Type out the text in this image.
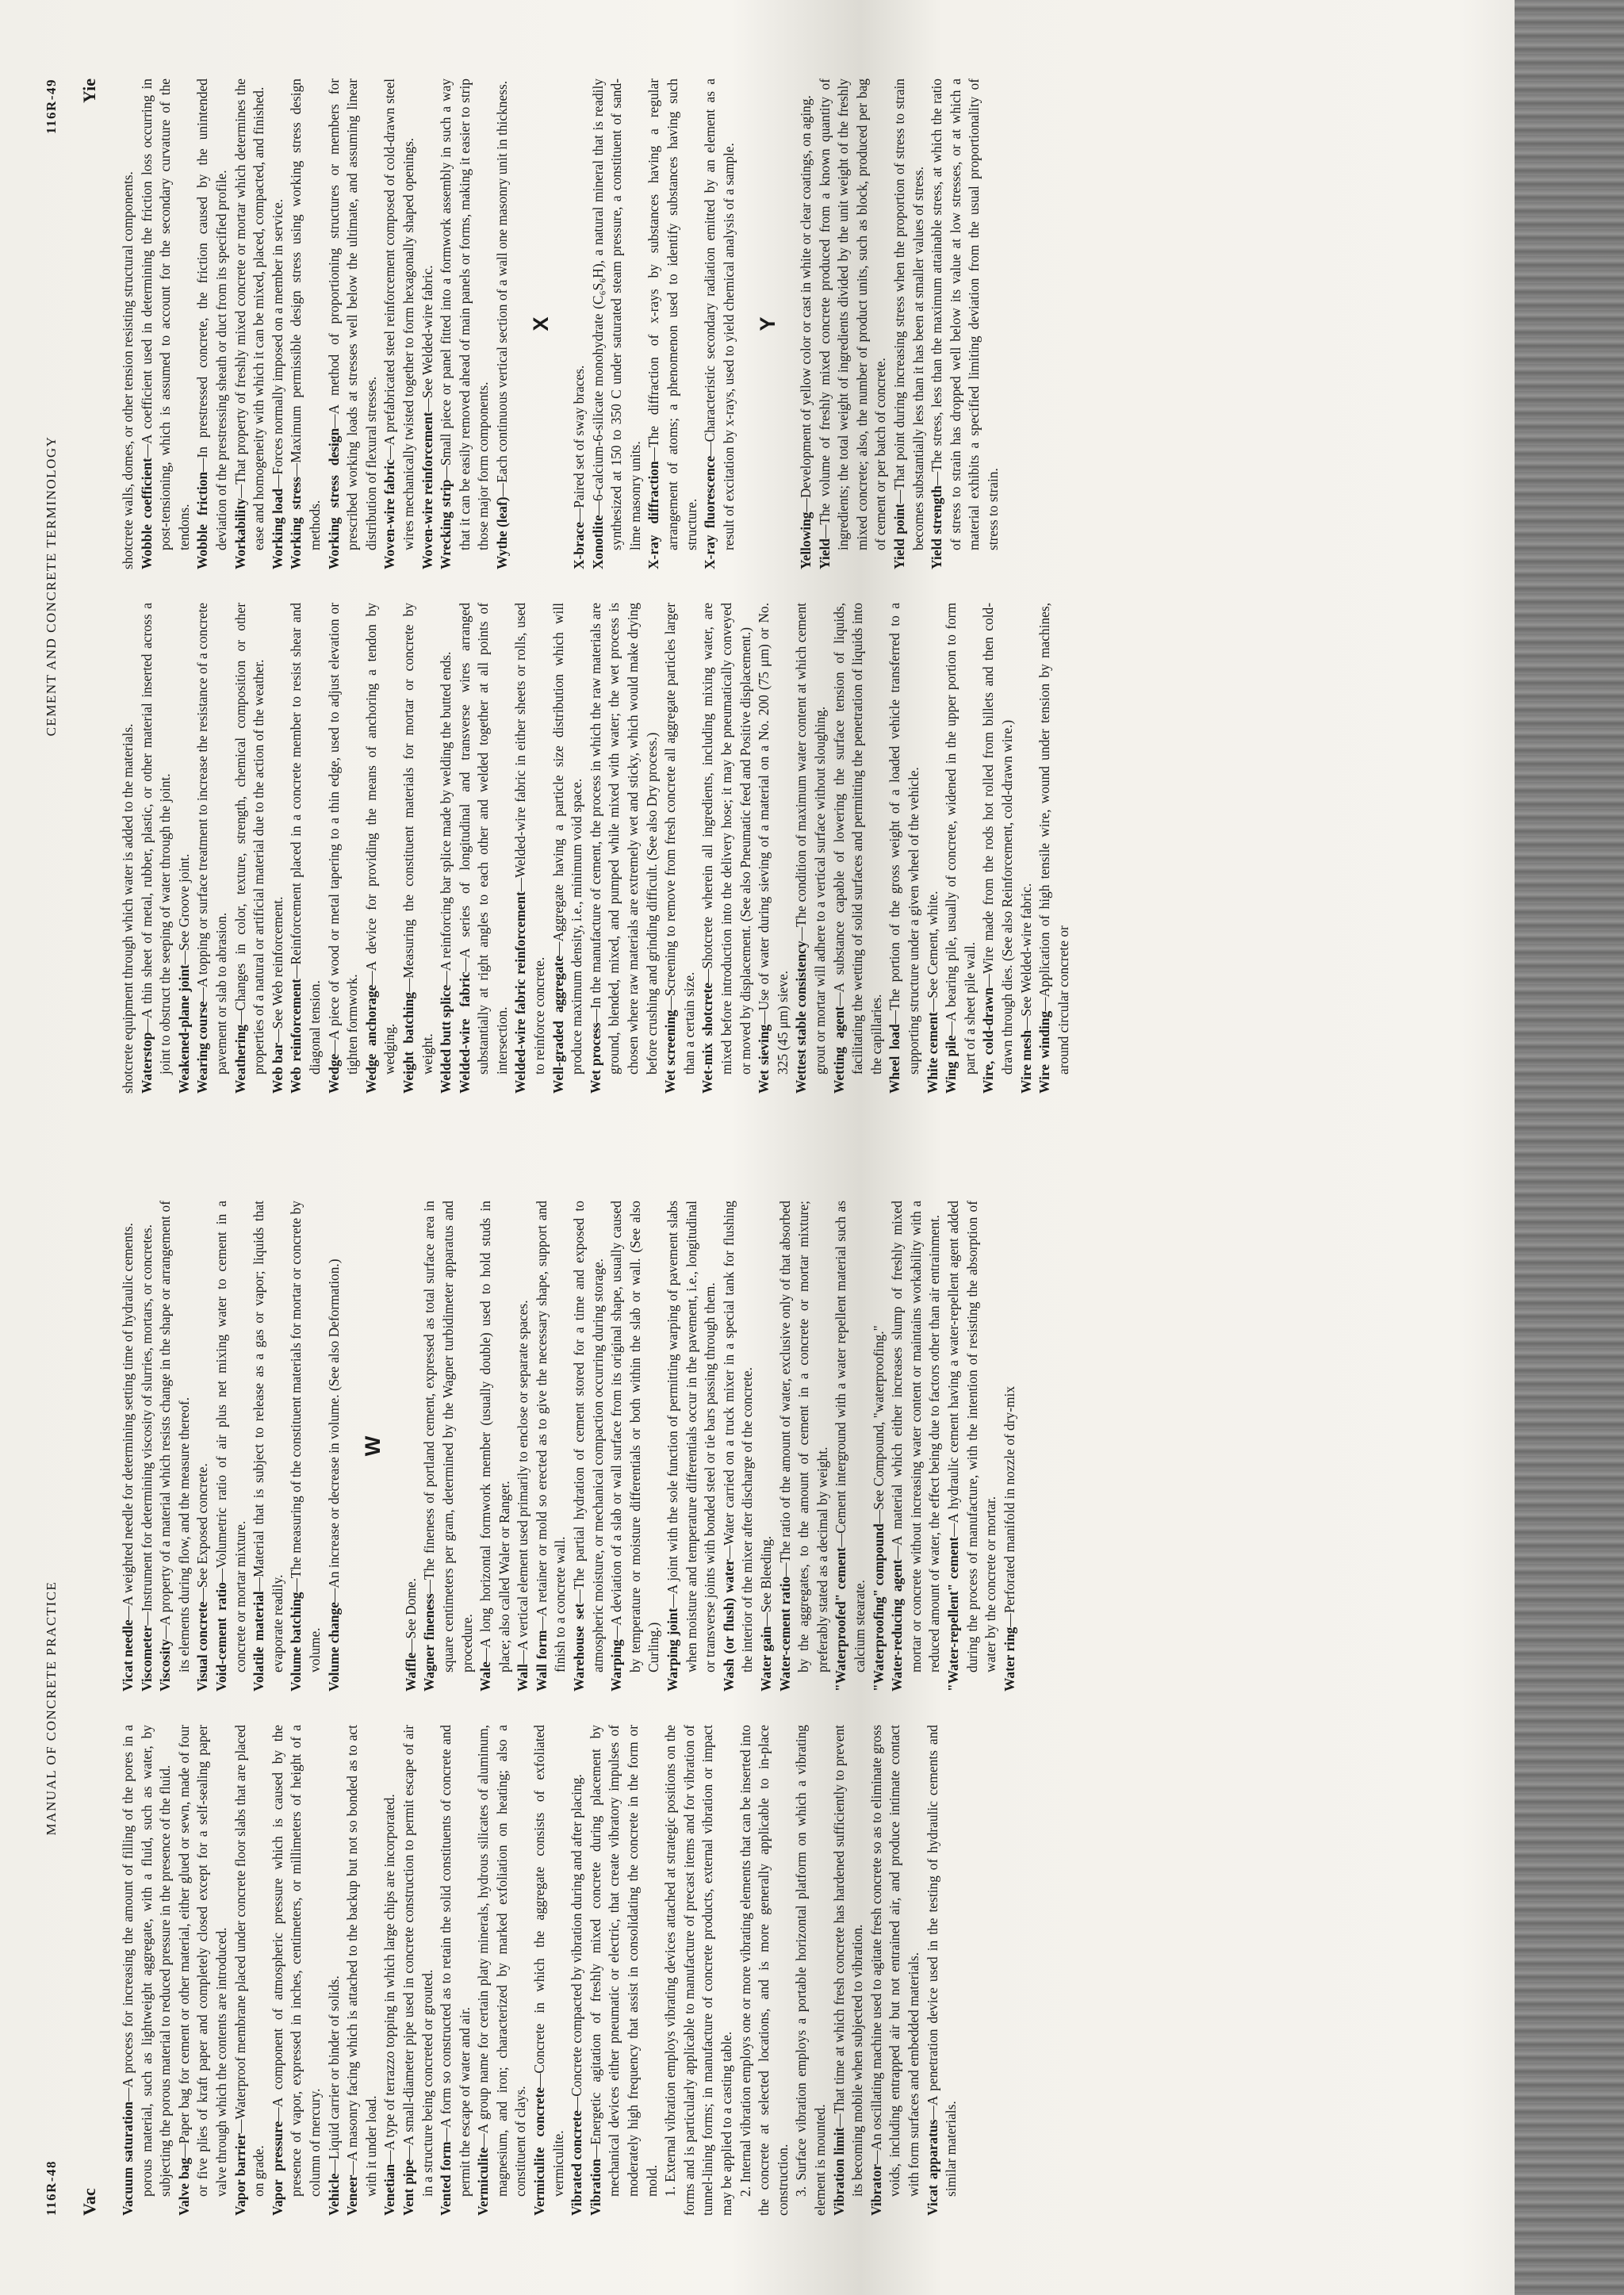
116R-48
MANUAL OF CONCRETE PRACTICE
Vac Vacuum saturation—A process for increasing the amount of filling of the pores in a porous material, such as lightweight aggregate, with a fluid, such as water, by subjecting the porous material to reduced pressure in the presence of the fluid. Valve bag—Paper bag for cement or other material, either glued or sewn, made of four or five plies of kraft paper and completely closed except for a self-sealing paper valve through which the contents are introduced. Vapor barrier—Waterproof membrane placed under concrete floor slabs that are placed on grade. Vapor pressure—A component of atmospheric pressure which is caused by the presence of vapor, expressed in inches, centimeters, or millimeters of height of a column of mercury. Vehicle—Liquid carrier or binder of solids.

Veneer—A masonry facing which is attached to the backup but not so bonded as to act with it under load. Venetian—A type of terrazzo topping in which large chips are incorporated.

Vent pipe—A small-diameter pipe used in concrete construction to permit escape of air in a structure being concreted or grouted. Vented form—A form so constructed as to retain the solid constituents of concrete and permit the escape of water and air. Vermiculite—A group name for certain platy minerals, hydrous silicates of aluminum, magnesium, and iron; characterized by marked exfoliation on heating; also a constituent of clays. Vermiculite concrete—Concrete in which the aggregate consists of exfoliated vermiculite. Vibrated concrete—Concrete compacted by vibration during and after placing.

Vibration—Energetic agitation of freshly mixed concrete during placement by mechanical devices either pneumatic or electric, that create vibratory impulses of moderately high frequency that assist in consolidating the concrete in the form or mold. 1. External vibration employs vibrating devices attached at strategic positions on the forms and is particularly applicable to manufacture of precast items and for vibration of tunnel-lining forms; in manufacture of concrete products, external vibration or impact may be applied to a casting table. 2. Internal vibration employs one or more vibrating elements that can be inserted into the concrete at selected locations, and is more generally applicable to in-place construction. 3. Surface vibration employs a portable horizontal platform on which a vibrating element is mounted. Vibration limit—That time at which fresh concrete has hardened sufficiently to prevent its becoming mobile when subjected to vibration. Vibrator—An oscillating machine used to agitate fresh concrete so as to eliminate gross voids, including entrapped air but not entrained air, and produce intimate contact with form surfaces and embedded materials. Vicat apparatus—A penetration device used in the testing of hydraulic cements and similar materials.

Vicat needle—A weighted needle for determining setting time of hydraulic cements.

Viscometer—Instrument for determining viscosity of slurries, mortars, or concretes.

Viscosity—A property of a material which resists change in the shape or arrangement of its elements during flow, and the measure thereof. Visual concrete—See Exposed concrete.

Void-cement ratio—Volumetric ratio of air plus net mixing water to cement in a concrete or mortar mixture. Volatile material—Material that is subject to release as a gas or vapor; liquids that evaporate readily. Volume batching—The measuring of the constituent materials for mortar or concrete by volume. Volume change—An increase or decrease in volume. (See also Deformation.) W

Waffle—See Dome. Wagner fineness—The fineness of portland cement, expressed as total surface area in square centimeters per gram, determined by the Wagner turbidimeter apparatus and procedure.

Wale—A long horizontal formwork member (usually double) used to hold studs in place; also called Waler or Ranger.

Wall—A vertical element used primarily to enclose or separate spaces. Wall form—A retainer or mold so erected as to give the necessary shape, support and finish to a concrete wall. Warehouse set—The partial hydration of cement stored for a time and exposed to atmospheric moisture, or mechanical compaction occurring during storage. Warping—A deviation of a slab or wall surface from its original shape, usually caused by temperature or moisture differentials or both within the slab or wall. (See also Curling.) Warping joint—A joint with the sole function of permitting warping of pavement slabs when moisture and temperature differentials occur in the pavement, i.e., longitudinal or transverse joints with bonded steel or tie bars passing through them. Wash (or flush) water—Water carried on a truck mixer in a special tank for flushing the interior of the mixer after discharge of the concrete. Water gain—See Bleeding. Water-cement ratio—The ratio of the amount of water, exclusive only of that absorbed by the aggregates, to the amount of cement in a concrete or mortar mixture; preferably stated as a decimal by weight. "Waterproofed" cement—Cement interground with a water repellent material such as calcium stearate. "Waterproofing" compound—See Compound, "waterproofing."

Water-reducing agent—A material which either increases slump of freshly mixed mortar or concrete without increasing water content or maintains workability with a reduced amount of water, the effect being due to factors other than air entrainment. "Water-repellent" cement—A hydraulic cement having a water-repellent agent added during the process of manufacture, with the intention of resisting the absorption of water by the concrete or mortar. Water ring—Perforated manifold in nozzle of dry-mix

CEMENT AND CONCRETE TERMINOLOGY
116R-49 Yie

shotcrete equipment through which water is added to the materials. Waterstop—A thin sheet of metal, rubber, plastic, or other material inserted across a joint to obstruct the seeping of water through the joint. Weakened-plane joint—See Groove joint.

Wearing course—A topping or surface treatment to increase the resistance of a concrete pavement or slab to abrasion. Weathering—Changes in color, texture, strength, chemical composition or other properties of a natural or artificial material due to the action of the weather. Web bar—See Web reinforcement. Web reinforcement—Reinforcement placed in a concrete member to resist shear and diagonal tension. Wedge—A piece of wood or metal tapering to a thin edge, used to adjust elevation or tighten formwork. Wedge anchorage—A device for providing the means of anchoring a tendon by wedging. Weight batching—Measuring the constituent materials for mortar or concrete by weight. Welded butt splice—A reinforcing bar splice made by welding the butted ends.

Welded-wire fabric—A series of longitudinal and transverse wires arranged substantially at right angles to each other and welded together at all points of intersection. Welded-wire fabric reinforcement—Welded-wire fabric in either sheets or rolls, used to reinforce concrete. Well-graded aggregate—Aggregate having a particle size distribution which will produce maximum density, i.e., minimum void space. Wet process—In the manufacture of cement, the process in which the raw materials are ground, blended, mixed, and pumped while mixed with water; the wet process is chosen where raw materials are extremely wet and sticky, which would make drying before crushing and grinding difficult. (See also Dry process.) Wet screening—Screening to remove from fresh concrete all aggregate particles larger than a certain size. Wet-mix shotcrete—Shotcrete wherein all ingredients, including mixing water, are mixed before introduction into the delivery hose; it may be pneumatically conveyed or moved by displacement. (See also Pneumatic feed and Positive displacement.) Wet sieving—Use of water during sieving of a material on a No. 200 (75 μm) or No. 325 (45 μm) sieve. Wettest stable consistency—The condition of maximum water content at which cement grout or mortar will adhere to a vertical surface without sloughing. Wetting agent—A substance capable of lowering the surface tension of liquids, facilitating the wetting of solid surfaces and permitting the penetration of liquids into the capillaries. Wheel load—The portion of the gross weight of a loaded vehicle transferred to a supporting structure under a given wheel of the vehicle. White cement—See Cement, white.

Wing pile—A bearing pile, usually of concrete, widened in the upper portion to form part of a sheet pile wall. Wire, cold-drawn—Wire made from the rods hot rolled from billets and then cold-drawn through dies. (See also Reinforcement, cold-drawn wire.) Wire mesh—See Welded-wire fabric.

Wire winding—Application of high tensile wire, wound under tension by machines, around circular concrete or

shotcrete walls, domes, or other tension resisting structural components. Wobble coefficient—A coefficient used in determining the friction loss occurring in post-tensioning, which is assumed to account for the secondary curvature of the tendons. Wobble friction—In prestressed concrete, the friction caused by the unintended deviation of the prestressing sheath or duct from its specified profile. Workability—That property of freshly mixed concrete or mortar which determines the ease and homogeneity with which it can be mixed, placed, compacted, and finished. Working load—Forces normally imposed on a member in service.

Working stress—Maximum permissible design stress using working stress design methods. Working stress design—A method of proportioning structures or members for prescribed working loads at stresses well below the ultimate, and assuming linear distribution of flexural stresses. Woven-wire fabric—A prefabricated steel reinforcement composed of cold-drawn steel wires mechanically twisted together to form hexagonally shaped openings. Woven-wire reinforcement—See Welded-wire fabric.

Wrecking strip—Small piece or panel fitted into a formwork assembly in such a way that it can be easily removed ahead of main panels or forms, making it easier to strip those major form components. Wythe (leaf)—Each continuous vertical section of a wall one masonry unit in thickness. X

X-brace—Paired set of sway braces.

Xonotlite—6-calcium-6-silicate monohydrate (C₆S₆H), a natural mineral that is readily synthesized at 150 to 350 C under saturated steam pressure, a constituent of sand-lime masonry units. X-ray diffraction—The diffraction of x-rays by substances having a regular arrangement of atoms; a phenomenon used to identify substances having such structure. X-ray fluorescence—Characteristic secondary radiation emitted by an element as a result of excitation by x-rays, used to yield chemical analysis of a sample. Y

Yellowing—Development of yellow color or cast in white or clear coatings, on aging.

Yield—The volume of freshly mixed concrete produced from a known quantity of ingredients; the total weight of ingredients divided by the unit weight of the freshly mixed concrete; also, the number of product units, such as block, produced per bag of cement or per batch of concrete. Yield point—That point during increasing stress when the proportion of stress to strain becomes substantially less than it has been at smaller values of stress. Yield strength—The stress, less than the maximum attainable stress, at which the ratio of stress to strain has dropped well below its value at low stresses, or at which a material exhibits a specified limiting deviation from the usual proportionality of stress to strain.
